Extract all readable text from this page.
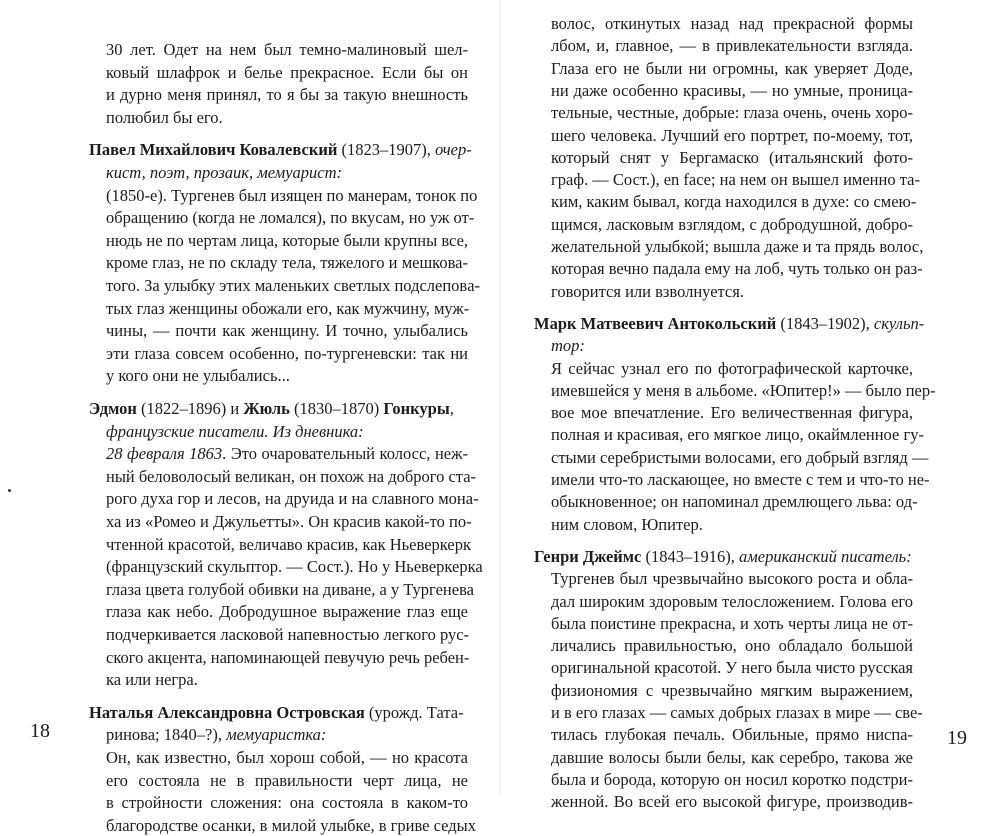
30 лет. Одет на нем был темно-малиновый шел-
ковый шлафрок и белье прекрасное. Если бы он
и дурно меня принял, то я бы за такую внешность
полюбил бы его.
Павел Михайлович Ковалевский (1823–1907), очер-
кист, поэт, прозаик, мемуарист:
(1850-е). Тургенев был изящен по манерам, тонок по
обращению (когда не ломался), по вкусам, но уж от-
нюдь не по чертам лица, которые были крупны все,
кроме глаз, не по складу тела, тяжелого и мешкова-
того. За улыбку этих маленьких светлых подслеповa-
тых глаз женщины обожали его, как мужчину, муж-
чины, — почти как женщину. И точно, улыбались
эти глаза совсем особенно, по-тургеневски: так ни
у кого они не улыбались...
Эдмон (1822–1896) и Жюль (1830–1870) Гонкуры,
французские писатели. Из дневника:
28 февраля 1863. Это очаровательный колосс, неж-
ный беловолосый великан, он похож на доброго ста-
рого духа гор и лесов, на друида и на славного мона-
ха из «Ромео и Джульетты». Он красив какой-то по-
чтенной красотой, величаво красив, как Ньеверкерк
(французский скульптор. — Сост.). Но у Ньеверкерка
глаза цвета голубой обивки на диване, а у Тургенева
глаза как небо. Добродушное выражение глаз еще
подчеркивается ласковой напевностью легкого рус-
ского акцента, напоминающей певучую речь ребен-
ка или негра.
волос, откинутых назад над прекрасной формы
лбом, и, главное, — в привлекательности взгляда.
Глаза его не были ни огромны, как уверяет Доде,
ни даже особенно красивы, — но умные, проница-
тельные, честные, добрые: глаза очень, очень хоро-
шего человека. Лучший его портрет, по-моему, тот,
который снят у Бергамаско (итальянский фото-
граф. — Сост.), en face; на нем он вышел именно та-
ким, каким бывал, когда находился в духе: со смею-
щимся, ласковым взглядом, с добродушной, добро-
желательной улыбкой; вышла даже и та прядь волос,
которая вечно падала ему на лоб, чуть только он раз-
говорится или взволнуется.
Марк Матвеевич Антокольский (1843–1902), скульп-
тор:
Я сейчас узнал его по фотографической карточке,
имевшейся у меня в альбоме. «Юпитер!» — было пер-
вое мое впечатление. Его величественная фигура,
полная и красивая, его мягкое лицо, окаймленное гу-
стыми серебристыми волосами, его добрый взгляд —
имели что-то ласкающее, но вместе с тем и что-то не-
обыкновенное; он напоминал дремлющего льва: од-
ним словом, Юпитер.
Генри Джеймс (1843–1916), американский писатель:
Тургенев был чрезвычайно высокого роста и обла-
дал широким здоровым телосложением. Голова его
была поистине прекрасна, и хоть черты лица не от-
личались правильностью, оно обладало большой
оригинальной красотой. У него была чисто русская
физиономия с чрезвычайно мягким выражением,
и в его глазах — самых добрых глазах в мире — све-
тилась глубокая печаль. Обильные, прямо ниспа-
давшие волосы были белы, как серебро, такова же
19
была и борода, которую он носил коротко подстри-
женной. Во всей его высокой фигуре, производив-
Наталья Александровна Островская (урожд. Тата-
ринова; 1840–?), мемуаристка:
Он, как известно, был хорош собой, — но красота
его состояла не в правильности черт лица, не
в стройности сложения: она состояла в каком-то
благородстве осанки, в милой улыбке, в гриве седых
18
